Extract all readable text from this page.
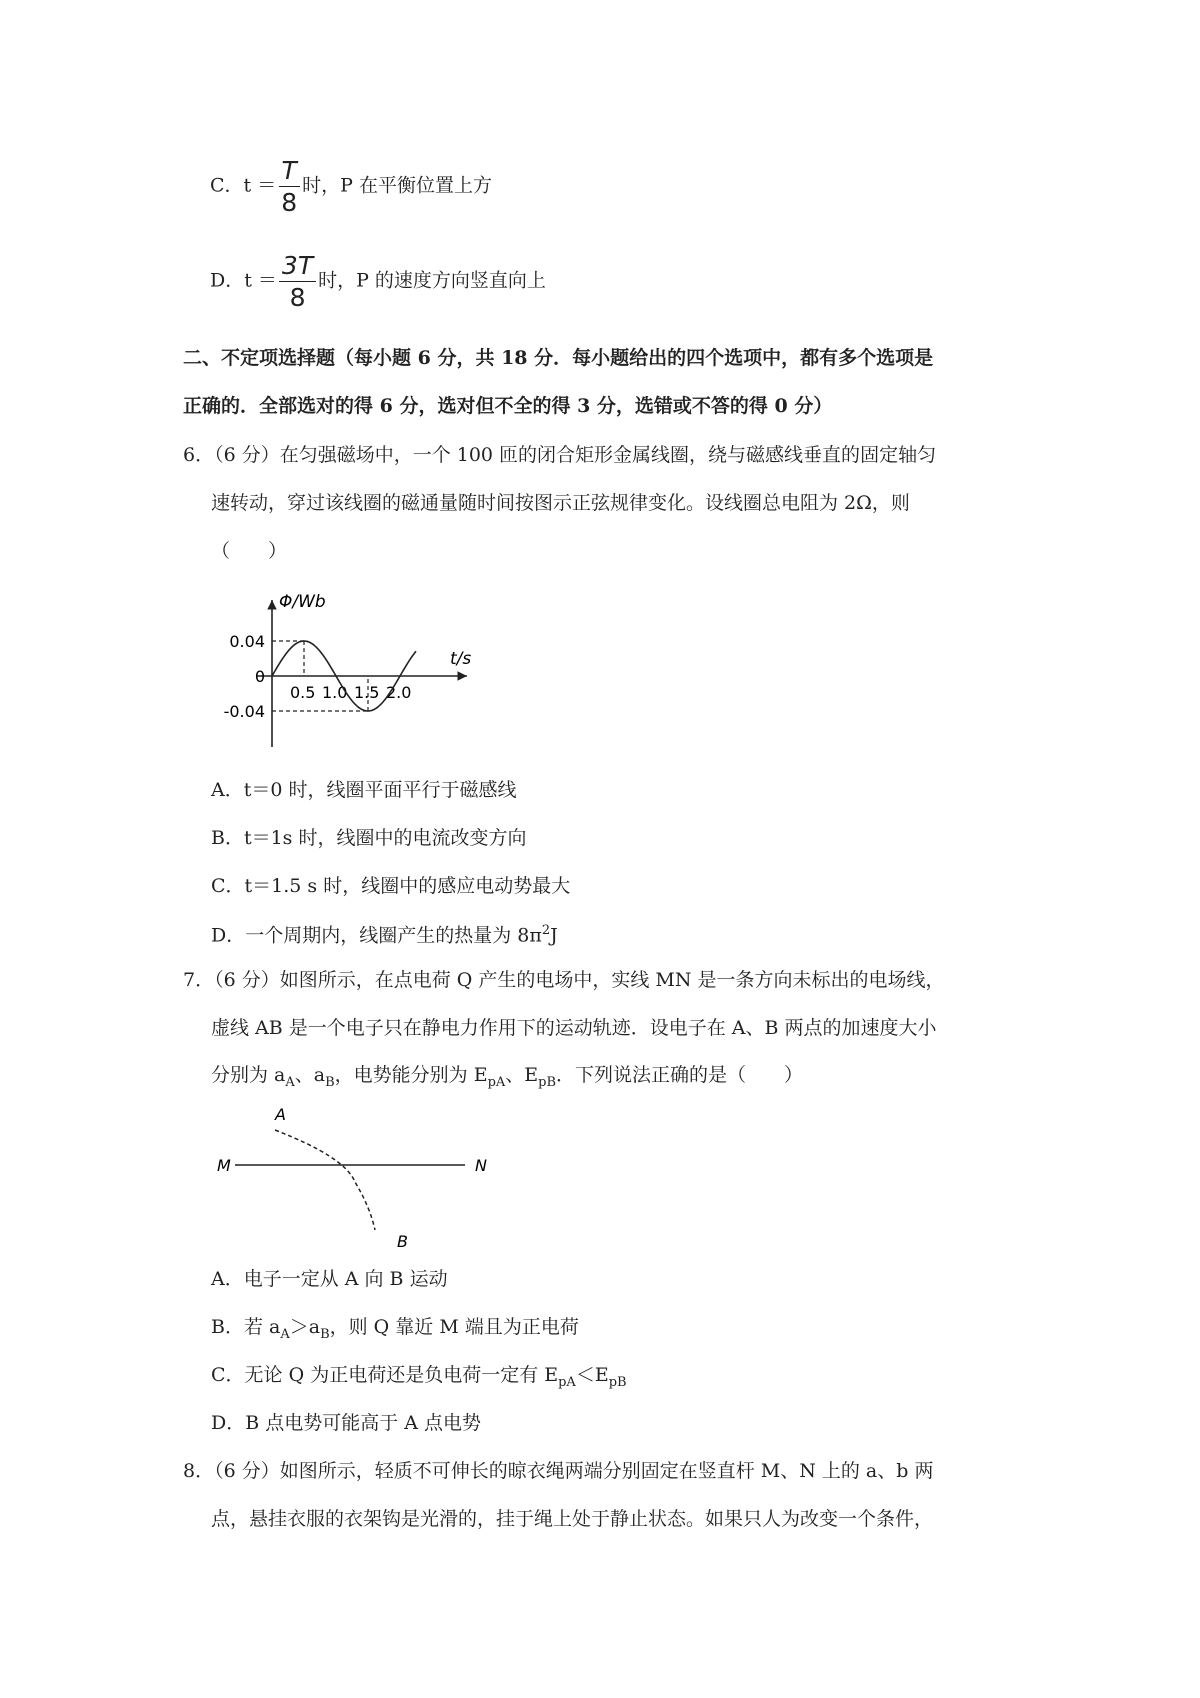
C．$t = \frac{T}{8}$ 时，P 在平衡位置上方
D．$t = \frac{3T}{8}$ 时，P 的速度方向竖直向上
二、不定项选择题（每小题 6 分，共 18 分．每小题给出的四个选项中，都有多个选项是
正确的．全部选对的得 6 分，选对但不全的得 3 分，选错或不答的得 0 分）
6．（6 分）在匀强磁场中，一个 100 匝的闭合矩形金属线圈，绕与磁感线垂直的固定轴匀
速转动，穿过该线圈的磁通量随时间按图示正弦规律变化。设线圈总电阻为 2Ω，则
（　　）
Φ/Wb
t/s
0.04
0
-0.04
0.5 1.0 1.5 2.0
A．t＝0 时，线圈平面平行于磁感线
B．t＝1s 时，线圈中的电流改变方向
C．t＝1.5 s 时，线圈中的感应电动势最大
D．一个周期内，线圈产生的热量为 $8\pi^2J$
7．（6 分）如图所示，在点电荷 Q 产生的电场中，实线 MN 是一条方向未标出的电场线，
虚线 AB 是一个电子只在静电力作用下的运动轨迹．设电子在 A、B 两点的加速度大小
分别为 $a_A$、$a_B$，电势能分别为 $E_{pA}$、$E_{pB}$．下列说法正确的是（　　）
A
M	N
B
A．电子一定从 A 向 B 运动
B．若 $a_A>a_B$，则 Q 靠近 M 端且为正电荷
C．无论 Q 为正电荷还是负电荷一定有 $E_{pA}<E_{pB}$
D．B 点电势可能高于 A 点电势
8．（6 分）如图所示，轻质不可伸长的晾衣绳两端分别固定在竖直杆 M、N 上的 a、b 两
点，悬挂衣服的衣架钩是光滑的，挂于绳上处于静止状态。如果只人为改变一个条件，
